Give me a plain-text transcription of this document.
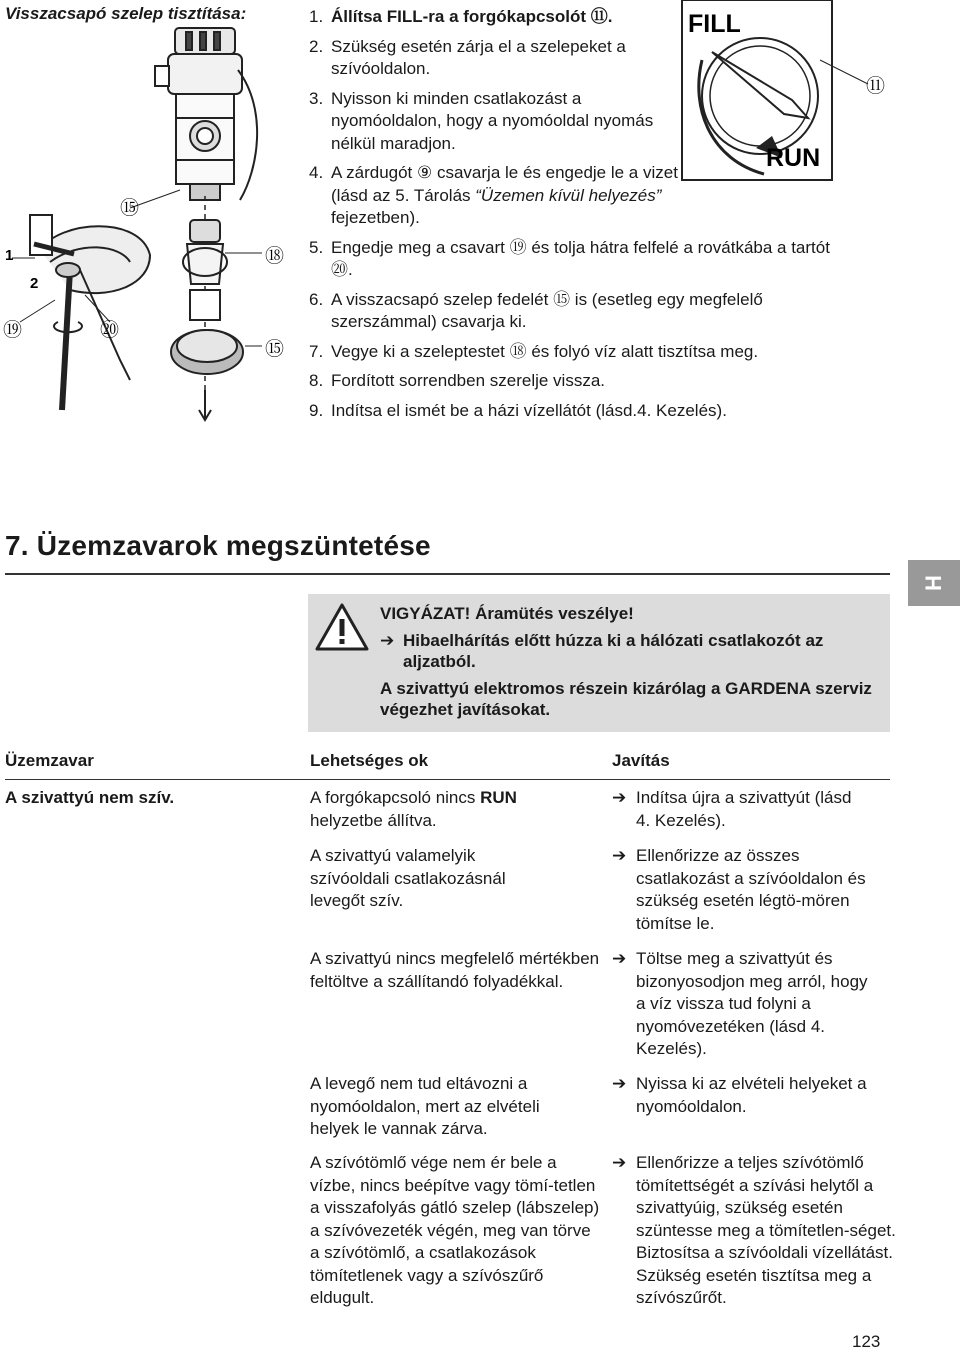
Visszacsapó szelep tisztítása:
1
2
⑲	⑳
⑮
⑱
⑮
FILL
RUN
⑪
1. Állítsa FILL-ra a forgókapcsolót ⑪.
2. Szükség esetén zárja el a szelepeket a szívóoldalon.
3. Nyisson ki minden csatlakozást a nyomóoldalon, hogy a nyomóoldal nyomás nélkül maradjon.
4. A zárdugót ⑨ csavarja le és engedje le a vizet (lásd az 5. Tárolás “Üzemen kívül helyezés” fejezetben).
5. Engedje meg a csavart ⑲ és tolja hátra felfelé a rovátkába a tartót ⑳.
6. A visszacsapó szelep fedelét ⑮ is (esetleg egy megfelelő szerszámmal) csavarja ki.
7. Vegye ki a szeleptestet ⑱ és folyó víz alatt tisztítsa meg.
8. Fordított sorrendben szerelje vissza.
9. Indítsa el ismét be a házi vízellátót (lásd.4. Kezelés).
7. Üzemzavarok megszüntetése
H
VIGYÁZAT! Áramütés veszélye!
➔ Hibaelhárítás előtt húzza ki a hálózati csatlakozót az aljzatból.
A szivattyú elektromos részein kizárólag a GARDENA szerviz végezhet javításokat.
Üzemzavar	Lehetséges ok	Javítás
A szivattyú nem szív.	A forgókapcsoló nincs RUN helyzetbe állítva.
➔ Indítsa újra a szivattyút (lásd 4. Kezelés).
A szivattyú valamelyik szívóoldali csatlakozásnál levegőt szív.
➔ Ellenőrizze az összes csatlakozást a szívóoldalon és szükség esetén légtö-mören tömítse le.
A szivattyú nincs megfelelő mértékben feltöltve a szállítandó folyadékkal.
➔ Töltse meg a szivattyút és bizonyosodjon meg arról, hogy a víz vissza tud folyni a nyomóvezetéken (lásd 4. Kezelés).
A levegő nem tud eltávozni a nyomóoldalon, mert az elvételi helyek le vannak zárva.
➔ Nyissa ki az elvételi helyeket a nyomóoldalon.
A szívótömlő vége nem ér bele a vízbe, nincs beépítve vagy tömí-tetlen a visszafolyás gátló szelep (lábszelep) a szívóvezeték végén, meg van törve a szívótömlő, a csatlakozások tömítetlenek vagy a szívószűrő eldugult.
➔ Ellenőrizze a teljes szívótömlő tömítettségét a szívási helytől a szivattyúig, szükség esetén szüntesse meg a tömítetlen-séget. Biztosítsa a szívóoldali vízellátást. Szükség esetén tisztítsa meg a szívószűrőt.
123
